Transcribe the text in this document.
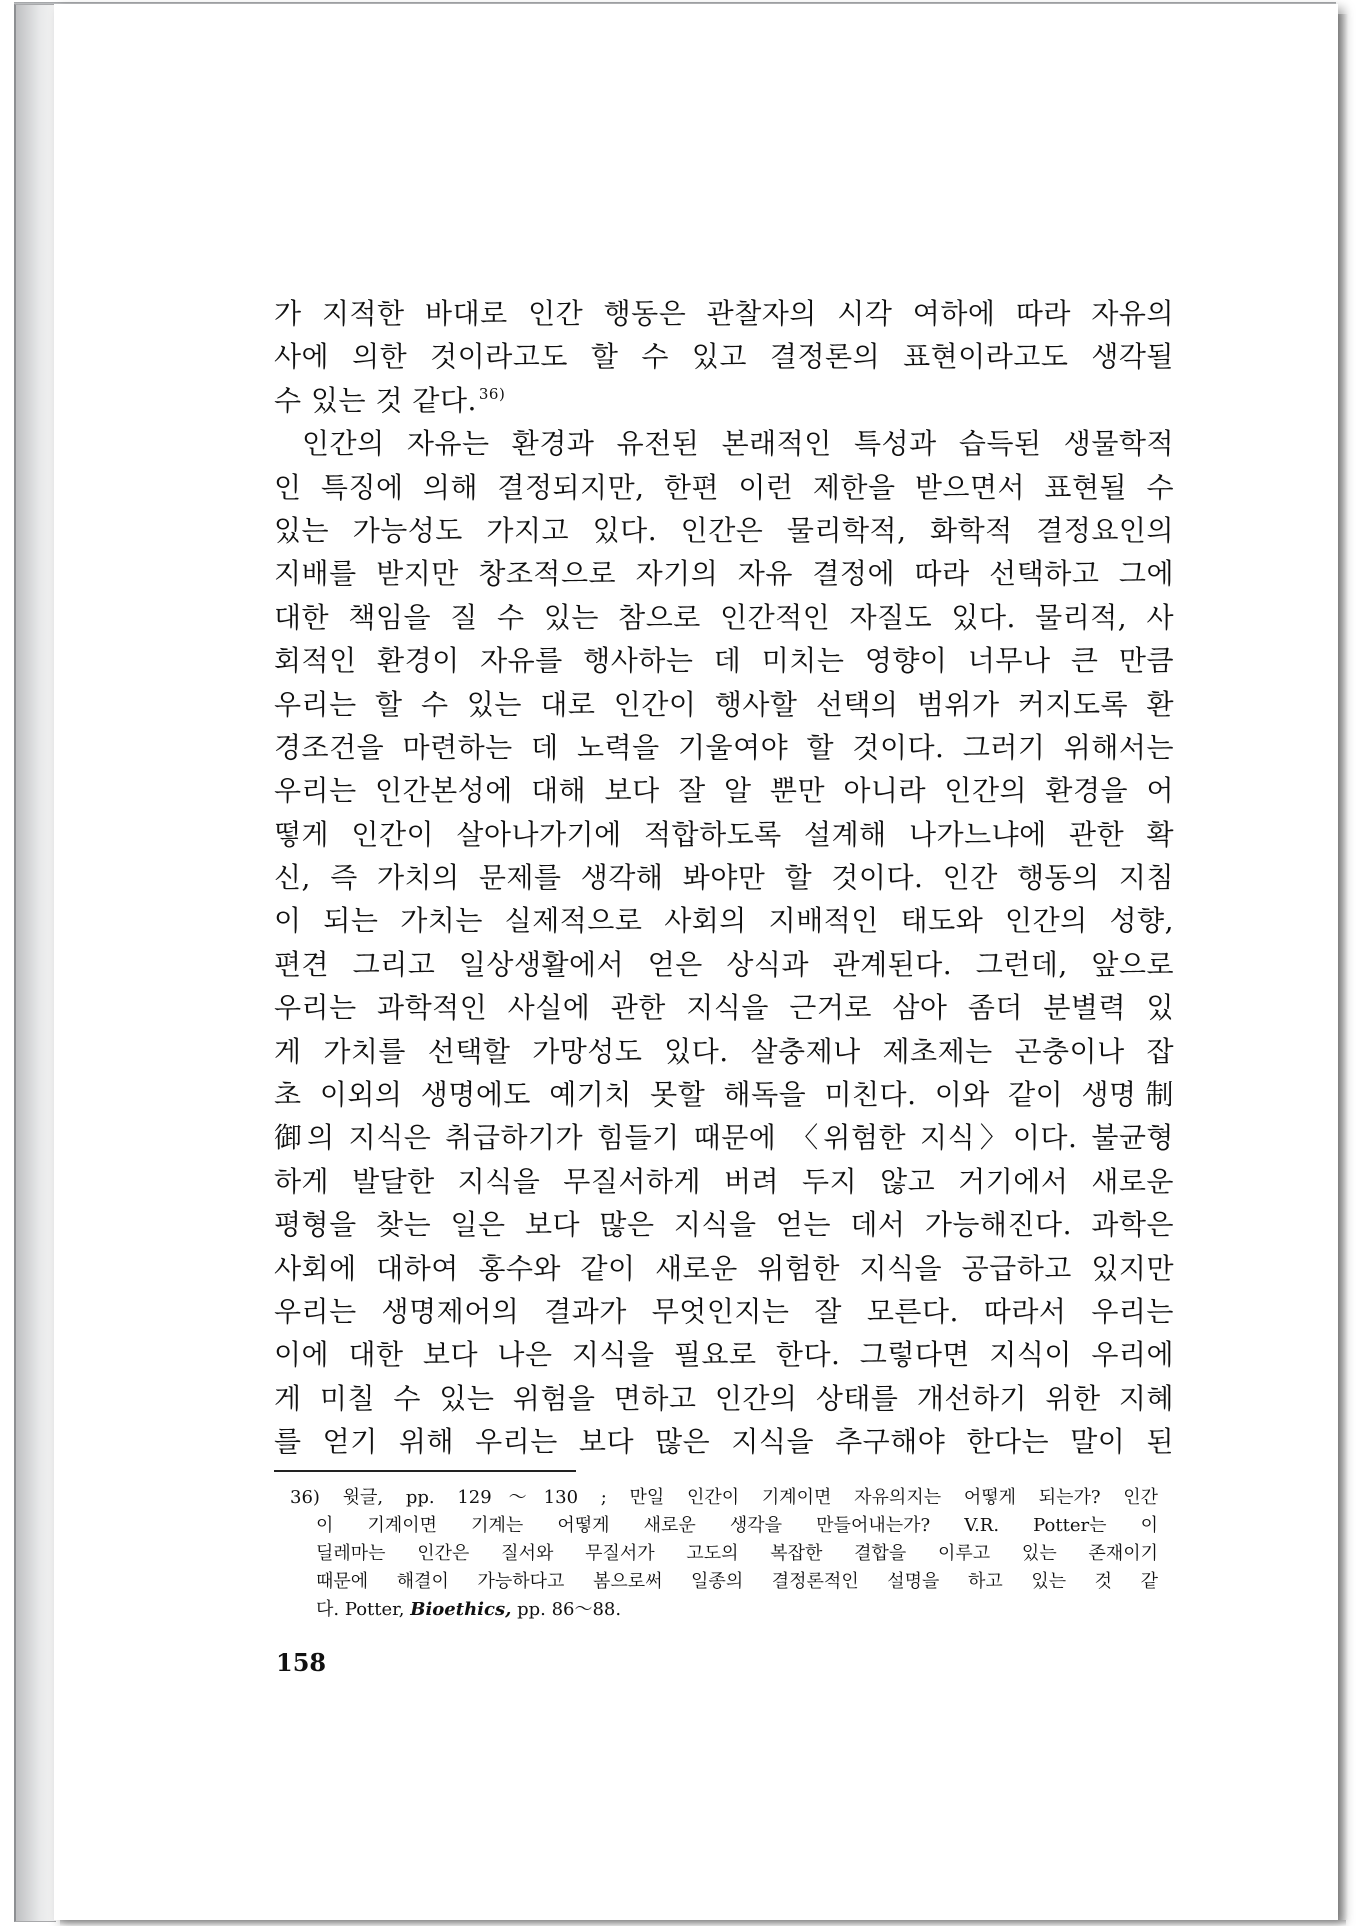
가 지적한 바대로 인간 행동은 관찰자의 시각 여하에 따라 자유의
사에 의한 것이라고도 할 수 있고 결정론의 표현이라고도 생각될
수 있는 것 같다. $^{36)}$
인간의 자유는 환경과 유전된 본래적인 특성과 습득된 생물학적
인 특징에 의해 결정되지만, 한편 이런 제한을 받으면서 표현될 수
있는 가능성도 가지고 있다. 인간은 물리학적, 화학적 결정요인의
지배를 받지만 창조적으로 자기의 자유 결정에 따라 선택하고 그에
대한 책임을 질 수 있는 참으로 인간적인 자질도 있다. 물리적, 사
회적인 환경이 자유를 행사하는 데 미치는 영향이 너무나 큰 만큼
우리는 할 수 있는 대로 인간이 행사할 선택의 범위가 커지도록 환
경조건을 마련하는 데 노력을 기울여야 할 것이다. 그러기 위해서는
우리는 인간본성에 대해 보다 잘 알 뿐만 아니라 인간의 환경을 어
떻게 인간이 살아나가기에 적합하도록 설계해 나가느냐에 관한 확
신, 즉 가치의 문제를 생각해 봐야만 할 것이다. 인간 행동의 지침
이 되는 가치는 실제적으로 사회의 지배적인 태도와 인간의 성향,
편견 그리고 일상생활에서 얻은 상식과 관계된다. 그런데, 앞으로
우리는 과학적인 사실에 관한 지식을 근거로 삼아 좀더 분별력 있
게 가치를 선택할 가망성도 있다. 살충제나 제초제는 곤충이나 잡
초 이외의 생명에도 예기치 못할 해독을 미친다. 이와 같이 생명制
御의 지식은 취급하기가 힘들기 때문에 〈위험한 지식〉이다. 불균형
하게 발달한 지식을 무질서하게 버려 두지 않고 거기에서 새로운
평형을 찾는 일은 보다 많은 지식을 얻는 데서 가능해진다. 과학은
사회에 대하여 홍수와 같이 새로운 위험한 지식을 공급하고 있지만
우리는 생명제어의 결과가 무엇인지는 잘 모른다. 따라서 우리는
이에 대한 보다 나은 지식을 필요로 한다. 그렇다면 지식이 우리에
게 미칠 수 있는 위험을 면하고 인간의 상태를 개선하기 위한 지혜
를 얻기 위해 우리는 보다 많은 지식을 추구해야 한다는 말이 된
36) 윗글, pp. 129～130 ; 만일 인간이 기계이면 자유의지는 어떻게 되는가? 인간
이 기계이면 기계는 어떻게 새로운 생각을 만들어내는가? V.R. Potter는 이
딜레마는 인간은 질서와 무질서가 고도의 복잡한 결합을 이루고 있는 존재이기
때문에 해결이 가능하다고 봄으로써 일종의 결정론적인 설명을 하고 있는 것 같
다. Potter, Bioethics, pp. 86～88.
158
